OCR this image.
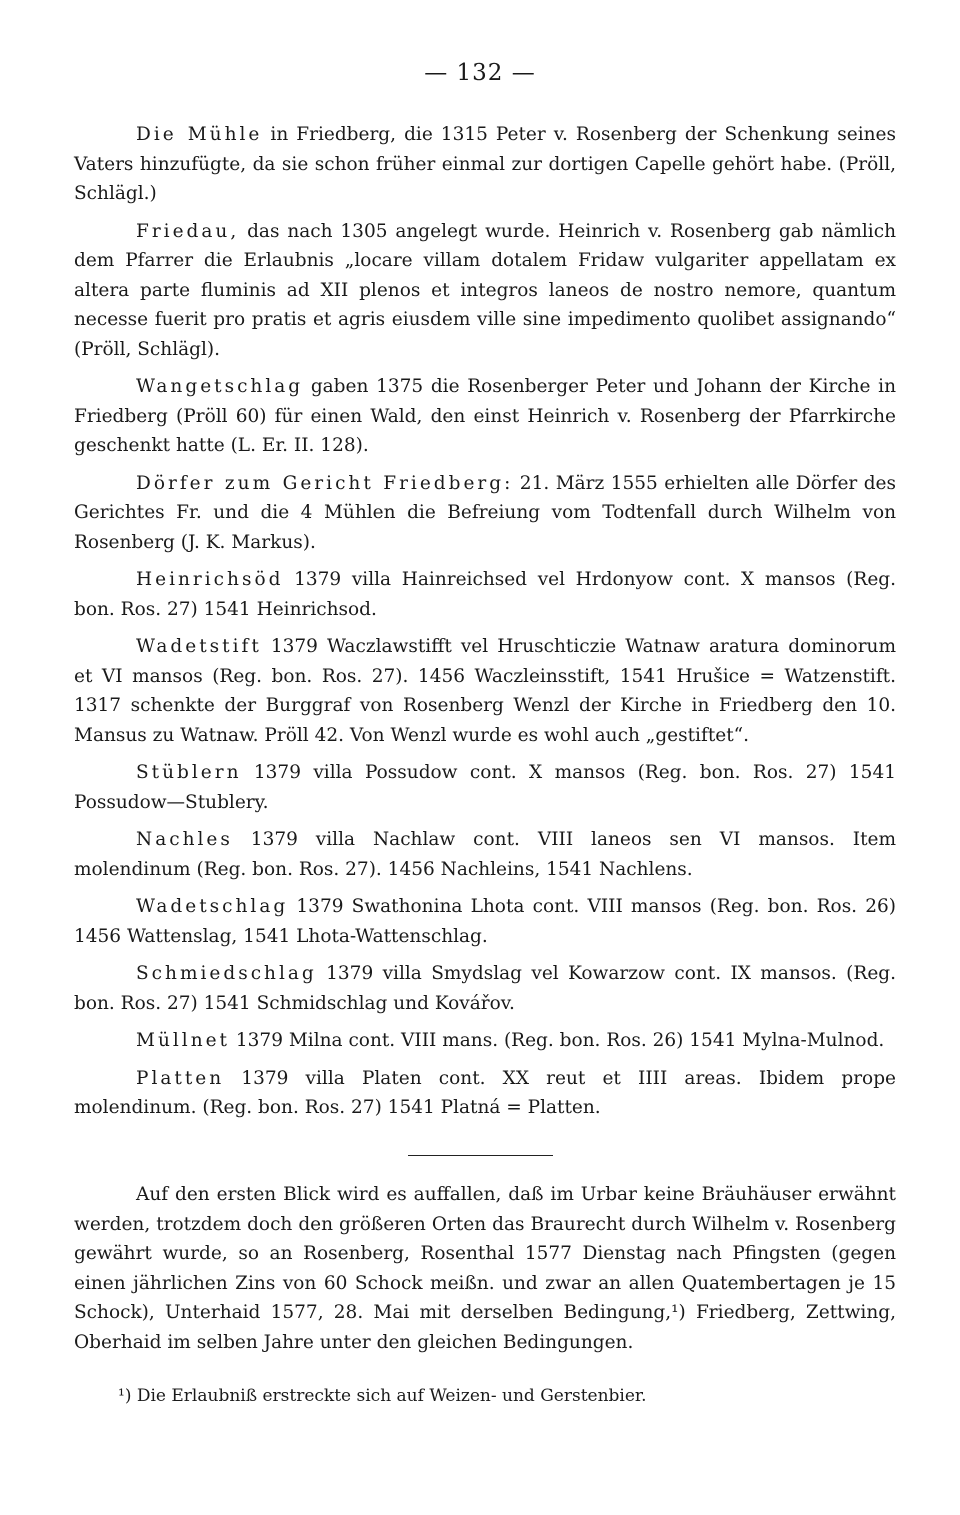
— 132 —

Die Mühle in Friedberg, die 1315 Peter v. Rosenberg der Schenkung seines Vaters hinzufügte, da sie schon früher einmal zur dortigen Capelle gehört habe. (Pröll, Schlägl.)

Friedau, das nach 1305 angelegt wurde. Heinrich v. Rosenberg gab nämlich dem Pfarrer die Erlaubnis „locare villam dotalem Fridaw vulgariter appellatam ex altera parte fluminis ad XII plenos et integros laneos de nostro nemore, quantum necesse fuerit pro pratis et agris eiusdem ville sine impedimento quolibet assignando“ (Pröll, Schlägl).

Wangetschlag gaben 1375 die Rosenberger Peter und Johann der Kirche in Friedberg (Pröll 60) für einen Wald, den einst Heinrich v. Rosenberg der Pfarrkirche geschenkt hatte (L. Er. II. 128).

Dörfer zum Gericht Friedberg: 21. März 1555 erhielten alle Dörfer des Gerichtes Fr. und die 4 Mühlen die Befreiung vom Todtenfall durch Wilhelm von Rosenberg (J. K. Markus).

Heinrichsöd 1379 villa Hainreichsed vel Hrdonyow cont. X mansos (Reg. bon. Ros. 27) 1541 Heinrichsod.

Wadetstift 1379 Waczlawstifft vel Hruschticzie Watnaw aratura dominorum et VI mansos (Reg. bon. Ros. 27). 1456 Waczleinsstift, 1541 Hrušice = Watzenstift. 1317 schenkte der Burggraf von Rosenberg Wenzl der Kirche in Friedberg den 10. Mansus zu Watnaw. Pröll 42. Von Wenzl wurde es wohl auch „gestiftet“.

Stüblern 1379 villa Possudow cont. X mansos (Reg. bon. Ros. 27) 1541 Possudow—Stublery.

Nachles 1379 villa Nachlaw cont. VIII laneos sen VI mansos. Item molendinum (Reg. bon. Ros. 27). 1456 Nachleins, 1541 Nachlens.

Wadetschlag 1379 Swathonina Lhota cont. VIII mansos (Reg. bon. Ros. 26) 1456 Wattenslag, 1541 Lhota-Wattenschlag.

Schmiedschlag 1379 villa Smydslag vel Kowarzow cont. IX mansos. (Reg. bon. Ros. 27) 1541 Schmidschlag und Kovářov.

Müllnet 1379 Milna cont. VIII mans. (Reg. bon. Ros. 26) 1541 Mylna-Mulnod.

Platten 1379 villa Platen cont. XX reut et IIII areas. Ibidem prope molendinum. (Reg. bon. Ros. 27) 1541 Platná = Platten.

Auf den ersten Blick wird es auffallen, daß im Urbar keine Bräuhäuser erwähnt werden, trotzdem doch den größeren Orten das Braurecht durch Wilhelm v. Rosenberg gewährt wurde, so an Rosenberg, Rosenthal 1577 Dienstag nach Pfingsten (gegen einen jährlichen Zins von 60 Schock meißn. und zwar an allen Quatembertagen je 15 Schock), Unterhaid 1577, 28. Mai mit derselben Bedingung,¹) Friedberg, Zettwing, Oberhaid im selben Jahre unter den gleichen Bedingungen.

¹) Die Erlaubniß erstreckte sich auf Weizen- und Gerstenbier.
